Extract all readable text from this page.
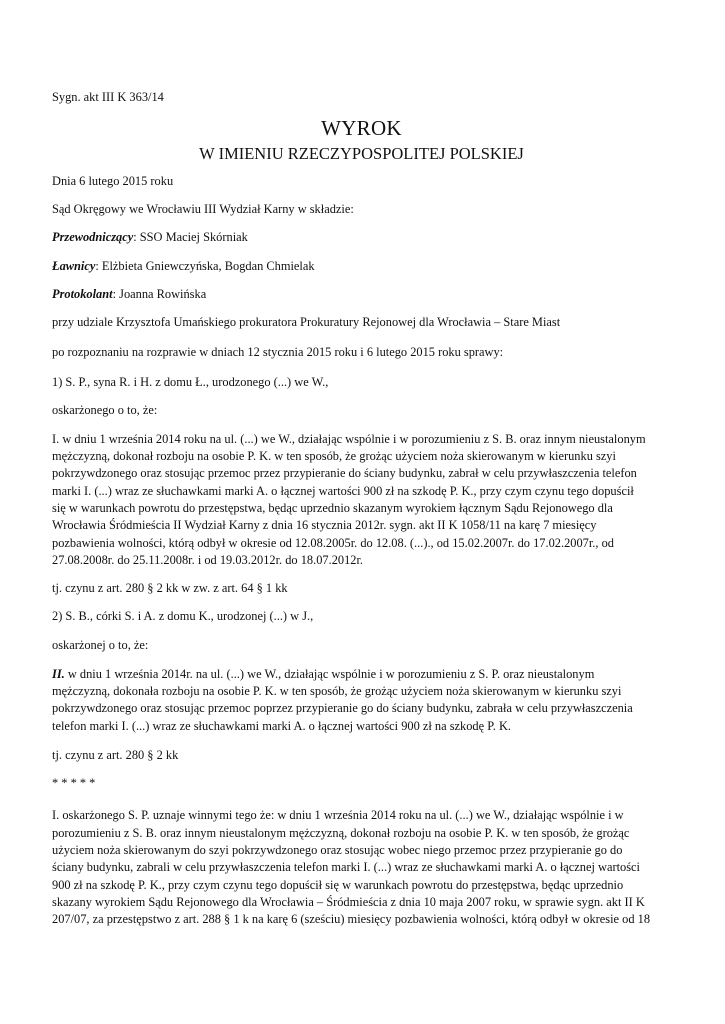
Sygn. akt III K 363/14
WYROK
W IMIENIU RZECZYPOSPOLITEJ POLSKIEJ
Dnia 6 lutego 2015 roku
Sąd Okręgowy we Wrocławiu III Wydział Karny w składzie:
Przewodniczący: SSO Maciej Skórniak
Ławnicy: Elżbieta Gniewczyńska, Bogdan Chmielak
Protokolant: Joanna Rowińska
przy udziale Krzysztofa Umańskiego prokuratora Prokuratury Rejonowej dla Wrocławia – Stare Miast
po rozpoznaniu na rozprawie w dniach 12 stycznia 2015 roku i 6 lutego 2015 roku sprawy:
1) S. P., syna R. i H. z domu Ł., urodzonego (...) we W.,
oskarżonego o to, że:
I. w dniu 1 września 2014 roku na ul. (...) we W., działając wspólnie i w porozumieniu z S. B. oraz innym nieustalonym
mężczyzną, dokonał rozboju na osobie P. K. w ten sposób, że grożąc użyciem noża skierowanym w kierunku szyi
pokrzywdzonego oraz stosując przemoc przez przypieranie do ściany budynku, zabrał w celu przywłaszczenia telefon
marki I. (...) wraz ze słuchawkami marki A. o łącznej wartości 900 zł na szkodę P. K., przy czym czynu tego dopuścił
się w warunkach powrotu do przestępstwa, będąc uprzednio skazanym wyrokiem łącznym Sądu Rejonowego dla
Wrocławia Śródmieścia II Wydział Karny z dnia 16 stycznia 2012r. sygn. akt II K 1058/11 na karę 7 miesięcy
pozbawienia wolności, którą odbył w okresie od 12.08.2005r. do 12.08. (...)., od 15.02.2007r. do 17.02.2007r., od
27.08.2008r. do 25.11.2008r. i od 19.03.2012r. do 18.07.2012r.
tj. czynu z art. 280 § 2 kk w zw. z art. 64 § 1 kk
2) S. B., córki S. i A. z domu K., urodzonej (...) w J.,
oskarżonej o to, że:
II. w dniu 1 września 2014r. na ul. (...) we W., działając wspólnie i w porozumieniu z S. P. oraz nieustalonym
mężczyzną, dokonała rozboju na osobie P. K. w ten sposób, że grożąc użyciem noża skierowanym w kierunku szyi
pokrzywdzonego oraz stosując przemoc poprzez przypieranie go do ściany budynku, zabrała w celu przywłaszczenia
telefon marki I. (...) wraz ze słuchawkami marki A. o łącznej wartości 900 zł na szkodę P. K.
tj. czynu z art. 280 § 2 kk
* * * * *
I. oskarżonego S. P. uznaje winnymi tego że: w dniu 1 września 2014 roku na ul. (...) we W., działając wspólnie i w
porozumieniu z S. B. oraz innym nieustalonym mężczyzną, dokonał rozboju na osobie P. K. w ten sposób, że grożąc
użyciem noża skierowanym do szyi pokrzywdzonego oraz stosując wobec niego przemoc przez przypieranie go do
ściany budynku, zabrali w celu przywłaszczenia telefon marki I. (...) wraz ze słuchawkami marki A. o łącznej wartości
900 zł na szkodę P. K., przy czym czynu tego dopuścił się w warunkach powrotu do przestępstwa, będąc uprzednio
skazany wyrokiem Sądu Rejonowego dla Wrocławia – Śródmieścia z dnia 10 maja 2007 roku, w sprawie sygn. akt II K
207/07, za przestępstwo z art. 288 § 1 k na karę 6 (sześciu) miesięcy pozbawienia wolności, którą odbył w okresie od 18
